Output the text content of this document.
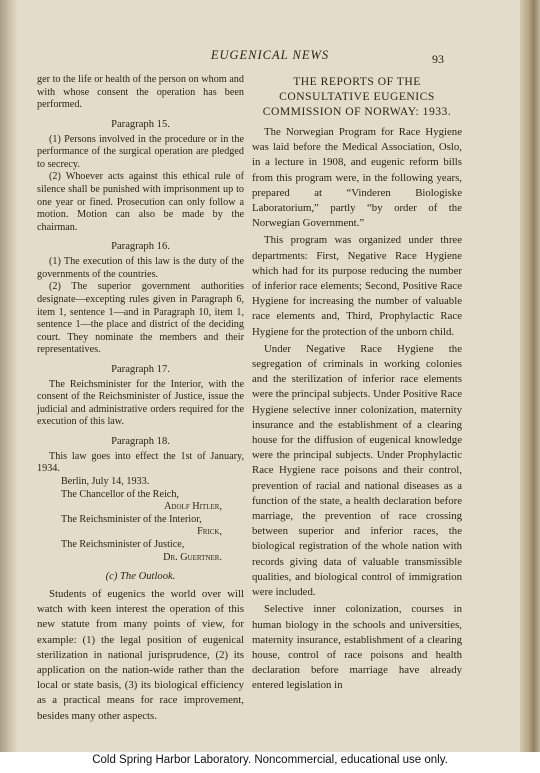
EUGENICAL NEWS	93

ger to the life or health of the person on whom and with whose consent the operation has been performed.

Paragraph 15.

(1) Persons involved in the procedure or in the performance of the surgical operation are pledged to secrecy.

(2) Whoever acts against this ethical rule of silence shall be punished with imprisonment up to one year or fined. Prosecution can only follow a motion. Motion can also be made by the chairman.

Paragraph 16.

(1) The execution of this law is the duty of the governments of the countries.

(2) The superior government authorities designate—excepting rules given in Paragraph 6, item 1, sentence 1—and in Paragraph 10, item 1, sentence 1—the place and district of the deciding court. They nominate the members and their representatives.

Paragraph 17.

The Reichsminister for the Interior, with the consent of the Reichsminister of Justice, issue the judicial and administrative orders required for the execution of this law.

Paragraph 18.

This law goes into effect the 1st of January, 1934.

Berlin, July 14, 1933.
The Chancellor of the Reich,
Adolf Hitler,
The Reichsminister of the Interior,
Frick,
The Reichsminister of Justice,
Dr. Guertner.
(c) The Outlook.

Students of eugenics the world over will watch with keen interest the operation of this new statute from many points of view, for example: (1) the legal position of eugenical sterilization in national jurisprudence, (2) its application on the nation-wide rather than the local or state basis, (3) its biological efficiency as a practical means for race improvement, besides many other aspects.

THE REPORTS OF THE CONSULTATIVE EUGENICS COMMISSION OF NORWAY: 1933.

The Norwegian Program for Race Hygiene was laid before the Medical Association, Oslo, in a lecture in 1908, and eugenic reform bills from this program were, in the following years, prepared at “Vinderen Biologiske Laboratorium,” partly “by order of the Norwegian Government.”

This program was organized under three departments: First, Negative Race Hygiene which had for its purpose reducing the number of inferior race elements; Second, Positive Race Hygiene for increasing the number of valuable race elements and, Third, Prophylactic Race Hygiene for the protection of the unborn child.

Under Negative Race Hygiene the segregation of criminals in working colonies and the sterilization of inferior race elements were the principal subjects. Under Positive Race Hygiene selective inner colonization, maternity insurance and the establishment of a clearing house for the diffusion of eugenical knowledge were the principal subjects. Under Prophylactic Race Hygiene race poisons and their control, prevention of racial and national diseases as a function of the state, a health declaration before marriage, the prevention of race crossing between superior and inferior races, the biological registration of the whole nation with records giving data of valuable transmissible qualities, and biological control of immigration were included.

Selective inner colonization, courses in human biology in the schools and universities, maternity insurance, establishment of a clearing house, control of race poisons and health declaration before marriage have already entered legislation in

Cold Spring Harbor Laboratory. Noncommercial, educational use only.
